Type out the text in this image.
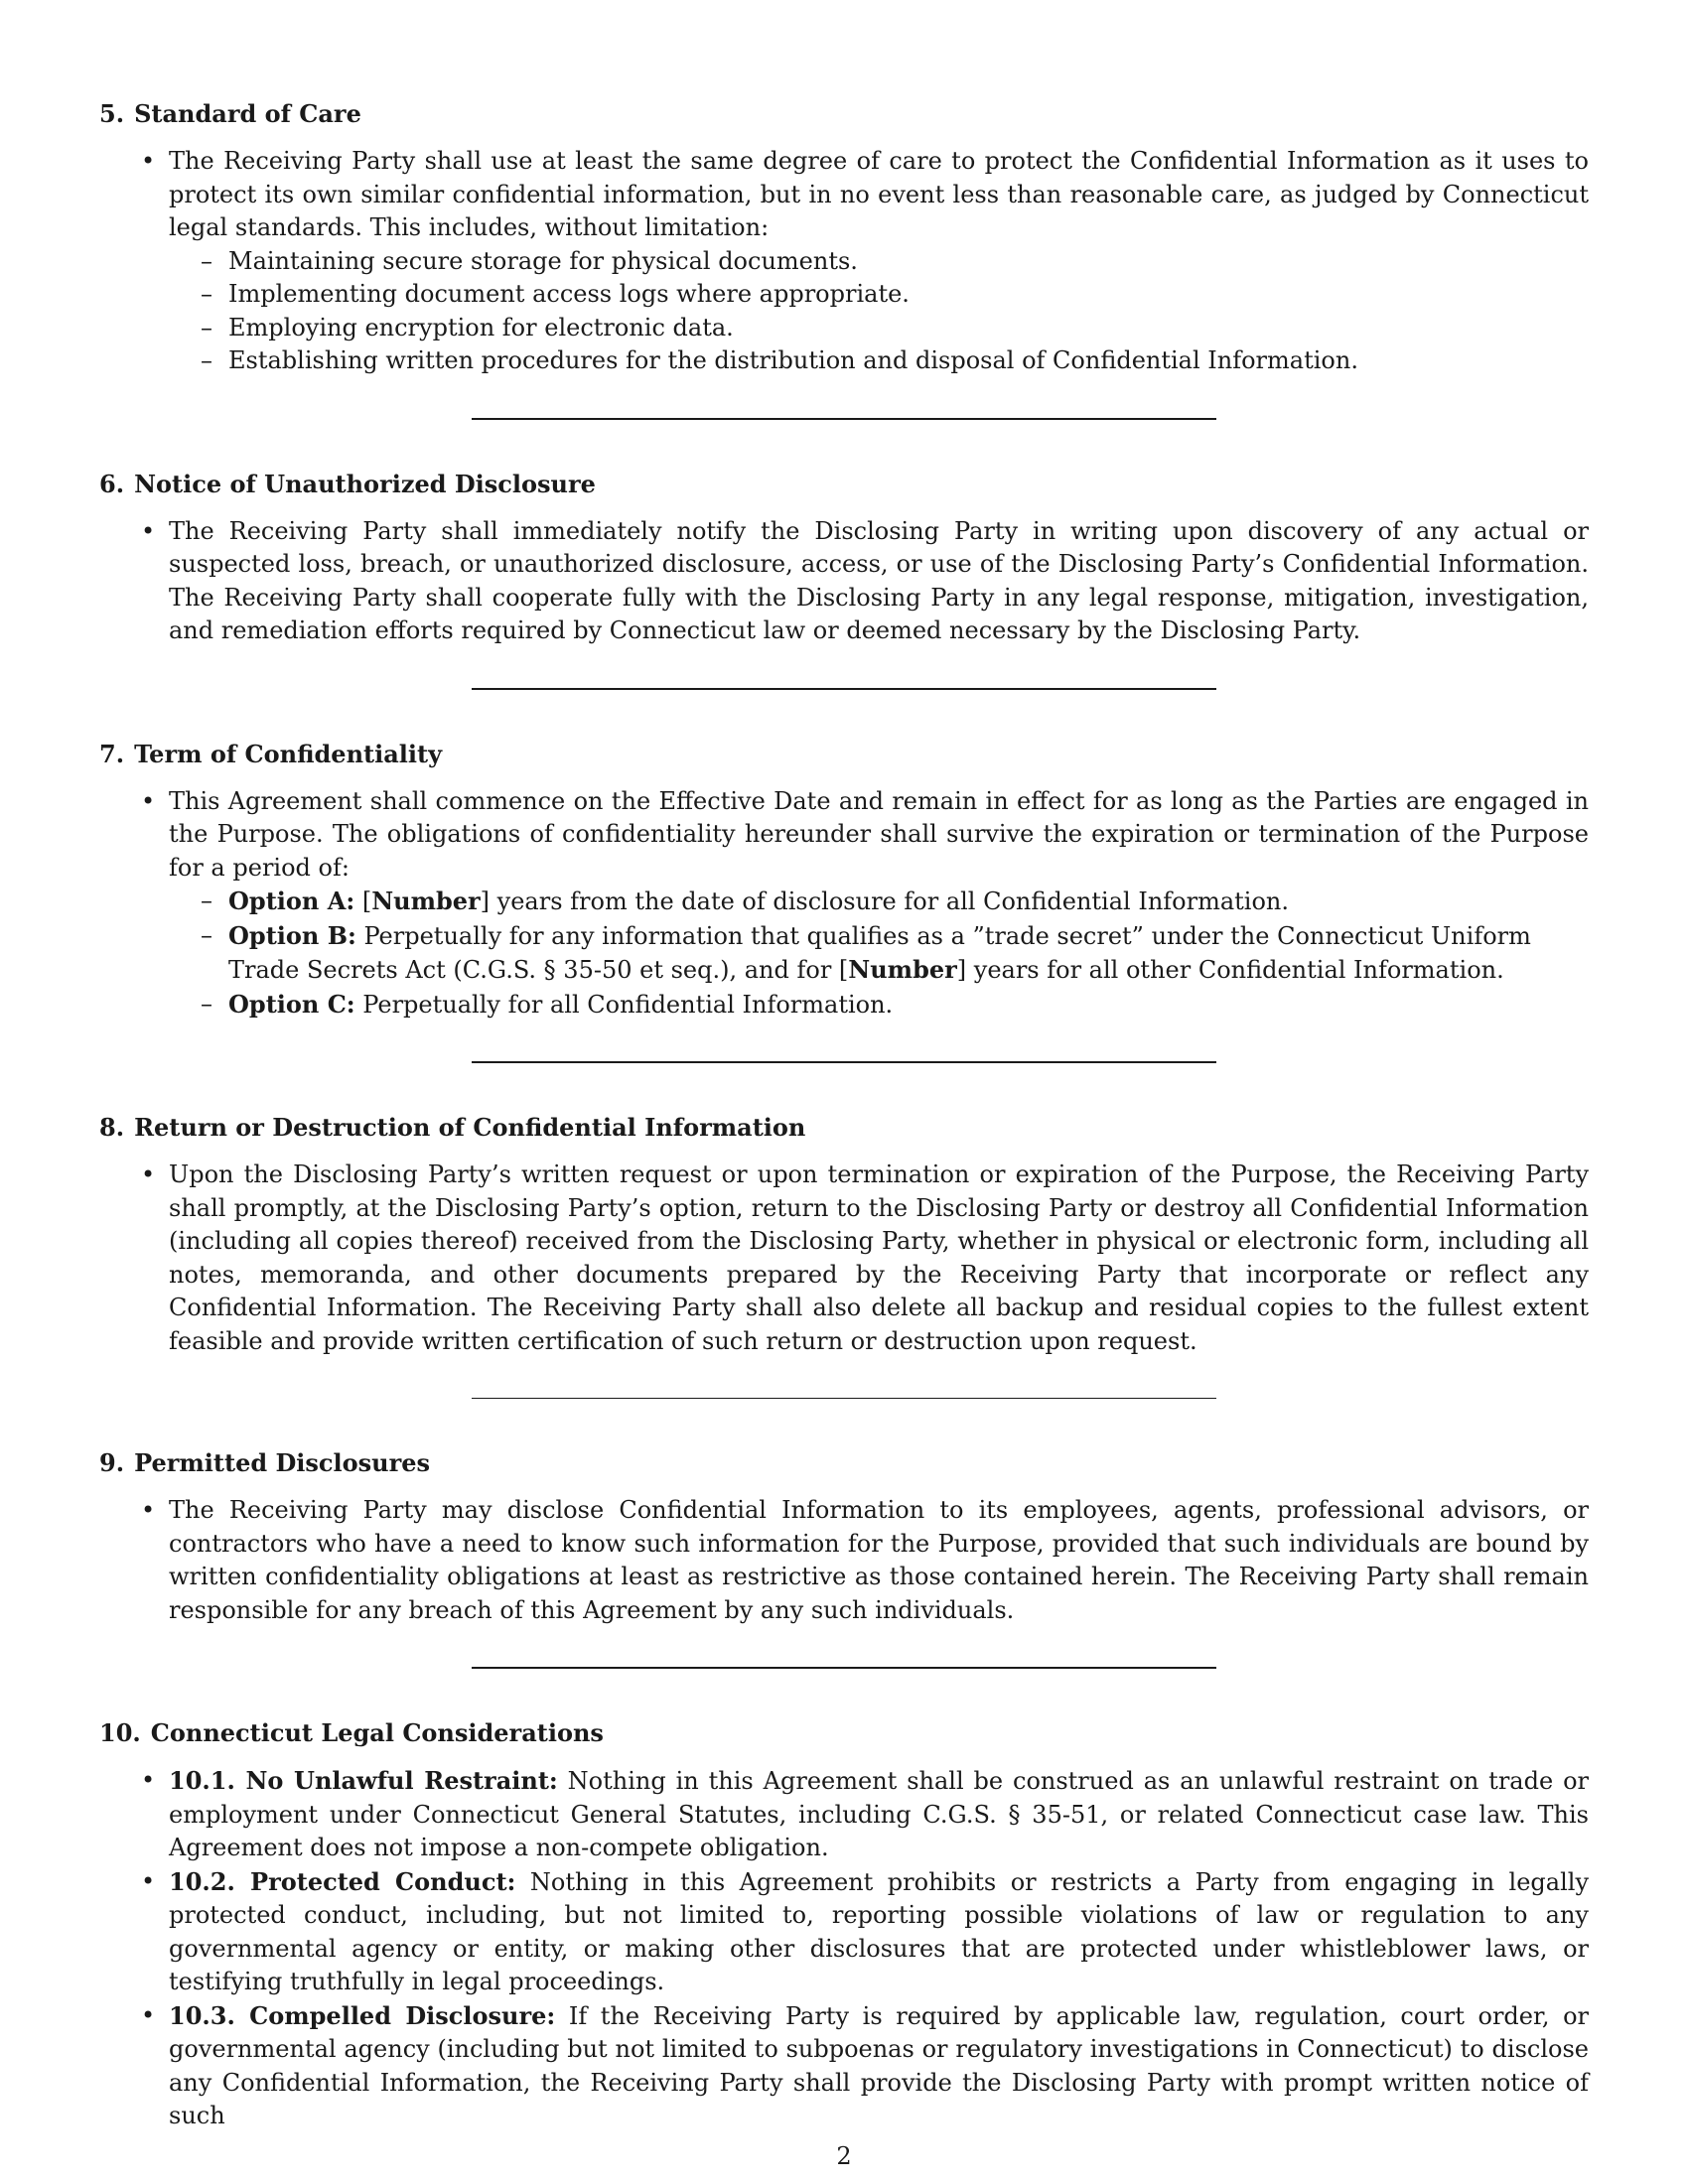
5. Standard of Care
• The Receiving Party shall use at least the same degree of care to protect the Confidential Information as it uses to protect its own similar confidential information, but in no event less than reasonable care, as judged by Connecticut legal standards. This includes, without limitation:
– Maintaining secure storage for physical documents.
– Implementing document access logs where appropriate.
– Employing encryption for electronic data.
– Establishing written procedures for the distribution and disposal of Confidential Information.
6. Notice of Unauthorized Disclosure
• The Receiving Party shall immediately notify the Disclosing Party in writing upon discovery of any actual or suspected loss, breach, or unauthorized disclosure, access, or use of the Disclosing Party’s Confidential Information. The Receiving Party shall cooperate fully with the Disclosing Party in any legal response, mitigation, investigation, and remediation efforts required by Connecticut law or deemed necessary by the Disclosing Party.
7. Term of Confidentiality
• This Agreement shall commence on the Effective Date and remain in effect for as long as the Parties are engaged in the Purpose. The obligations of confidentiality hereunder shall survive the expiration or termination of the Purpose for a period of:
– Option A: [Number] years from the date of disclosure for all Confidential Information.
– Option B: Perpetually for any information that qualifies as a ”trade secret” under the Connecticut Uniform Trade Secrets Act (C.G.S. § 35-50 et seq.), and for [Number] years for all other Confidential Information.
– Option C: Perpetually for all Confidential Information.
8. Return or Destruction of Confidential Information
• Upon the Disclosing Party’s written request or upon termination or expiration of the Purpose, the Receiving Party shall promptly, at the Disclosing Party’s option, return to the Disclosing Party or destroy all Confidential Information (including all copies thereof) received from the Disclosing Party, whether in physical or electronic form, including all notes, memoranda, and other documents prepared by the Receiving Party that incorporate or reflect any Confidential Information. The Receiving Party shall also delete all backup and residual copies to the fullest extent feasible and provide written certification of such return or destruction upon request.
9. Permitted Disclosures
• The Receiving Party may disclose Confidential Information to its employees, agents, professional advisors, or contractors who have a need to know such information for the Purpose, provided that such individuals are bound by written confidentiality obligations at least as restrictive as those contained herein. The Receiving Party shall remain responsible for any breach of this Agreement by any such individuals.
10. Connecticut Legal Considerations
• 10.1. No Unlawful Restraint: Nothing in this Agreement shall be construed as an unlawful restraint on trade or employment under Connecticut General Statutes, including C.G.S. § 35-51, or related Connecticut case law. This Agreement does not impose a non-compete obligation.
• 10.2. Protected Conduct: Nothing in this Agreement prohibits or restricts a Party from engaging in legally protected conduct, including, but not limited to, reporting possible violations of law or regulation to any governmental agency or entity, or making other disclosures that are protected under whistleblower laws, or testifying truthfully in legal proceedings.
• 10.3. Compelled Disclosure: If the Receiving Party is required by applicable law, regulation, court order, or governmental agency (including but not limited to subpoenas or regulatory investigations in Connecticut) to disclose any Confidential Information, the Receiving Party shall provide the Disclosing Party with prompt written notice of such
2
